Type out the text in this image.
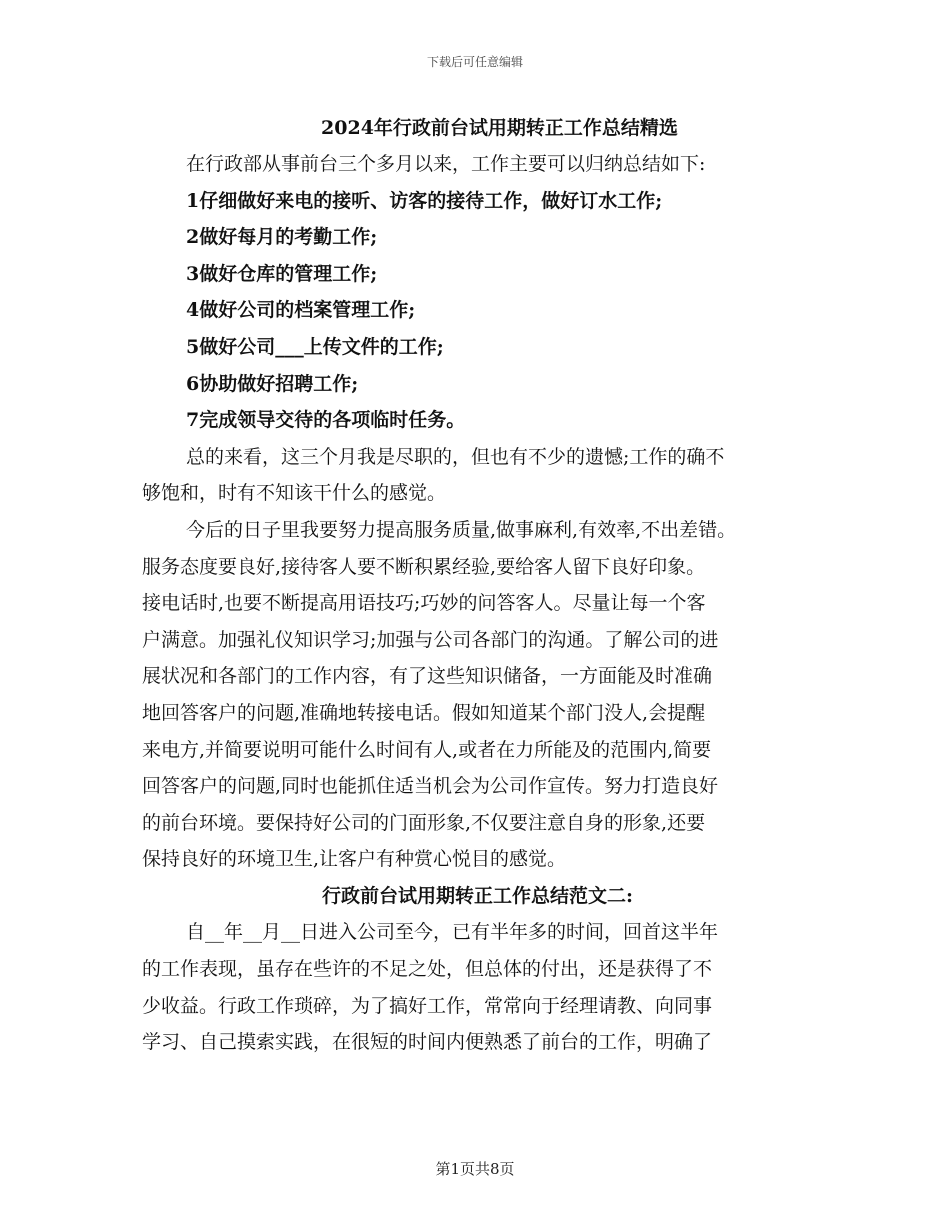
下载后可任意编辑

2024年行政前台试用期转正工作总结精选

在行政部从事前台三个多月以来，工作主要可以归纳总结如下:

1仔细做好来电的接听、访客的接待工作，做好订水工作;

2做好每月的考勤工作;

3做好仓库的管理工作;

4做好公司的档案管理工作;

5做好公司___上传文件的工作;

6协助做好招聘工作;

7完成领导交待的各项临时任务。

总的来看，这三个月我是尽职的，但也有不少的遗憾;工作的确不

够饱和，时有不知该干什么的感觉。

今后的日子里我要努力提高服务质量,做事麻利,有效率,不出差错。

服务态度要良好,接待客人要不断积累经验,要给客人留下良好印象。

接电话时,也要不断提高用语技巧;巧妙的问答客人。尽量让每一个客

户满意。加强礼仪知识学习;加强与公司各部门的沟通。了解公司的进

展状况和各部门的工作内容，有了这些知识储备，一方面能及时准确

地回答客户的问题,准确地转接电话。假如知道某个部门没人,会提醒

来电方,并简要说明可能什么时间有人,或者在力所能及的范围内,简要

回答客户的问题,同时也能抓住适当机会为公司作宣传。努力打造良好

的前台环境。要保持好公司的门面形象,不仅要注意自身的形象,还要

保持良好的环境卫生,让客户有种赏心悦目的感觉。

行政前台试用期转正工作总结范文二:

自__年__月__日进入公司至今，已有半年多的时间，回首这半年

的工作表现，虽存在些许的不足之处，但总体的付出，还是获得了不

少收益。行政工作琐碎，为了搞好工作，常常向于经理请教、向同事

学习、自己摸索实践，在很短的时间内便熟悉了前台的工作，明确了

第1页共8页
